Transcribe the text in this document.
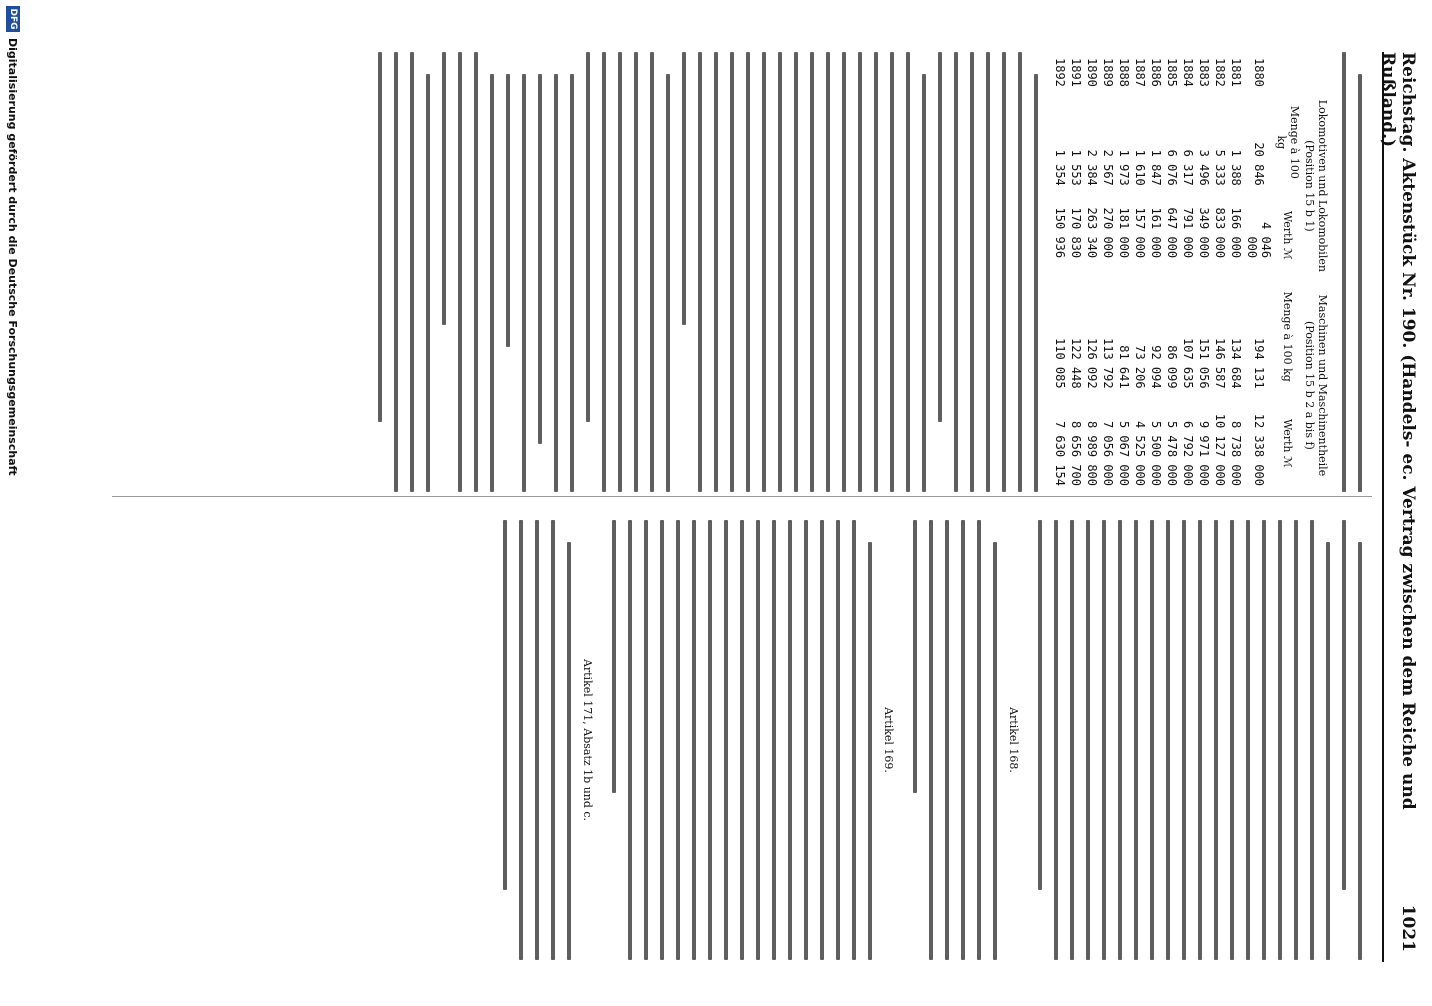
Reichstag. Aktenstück Nr. 190. (Handels- ec. Vertrag zwischen dem Reiche und Rußland.)
1021
	Lokomotiven und Lokomobilen (Position 15 b 1)			Maschinen und Maschinentheile (Position 15 b 2 a bis f)	
	Menge à 100 kg	Werth ℳ		Menge à 100 kg	Werth ℳ
1880	20 846	4 046 000		194 131	12 338 000
1881	1 388	166 000		134 684	8 738 000
1882	5 333	833 000		146 587	10 127 000
1883	3 496	349 000		151 056	9 971 000
1884	6 317	791 000		107 635	6 792 000
1885	6 076	647 000		86 099	5 478 000
1886	1 847	161 000		92 094	5 500 000
1887	1 610	157 000		73 206	4 525 000
1888	1 973	181 000		81 641	5 067 000
1889	2 567	270 000		113 792	7 056 000
1890	2 384	263 340		126 092	8 989 800
1891	1 553	170 830		122 448	8 656 700
1892	1 354	150 936		110 085	7 630 154
Artikel 168.
Artikel 169.
Artikel 171, Absatz 1b und c.
DFG
Digitalisierung gefördert durch die Deutsche Forschungsgemeinschaft
